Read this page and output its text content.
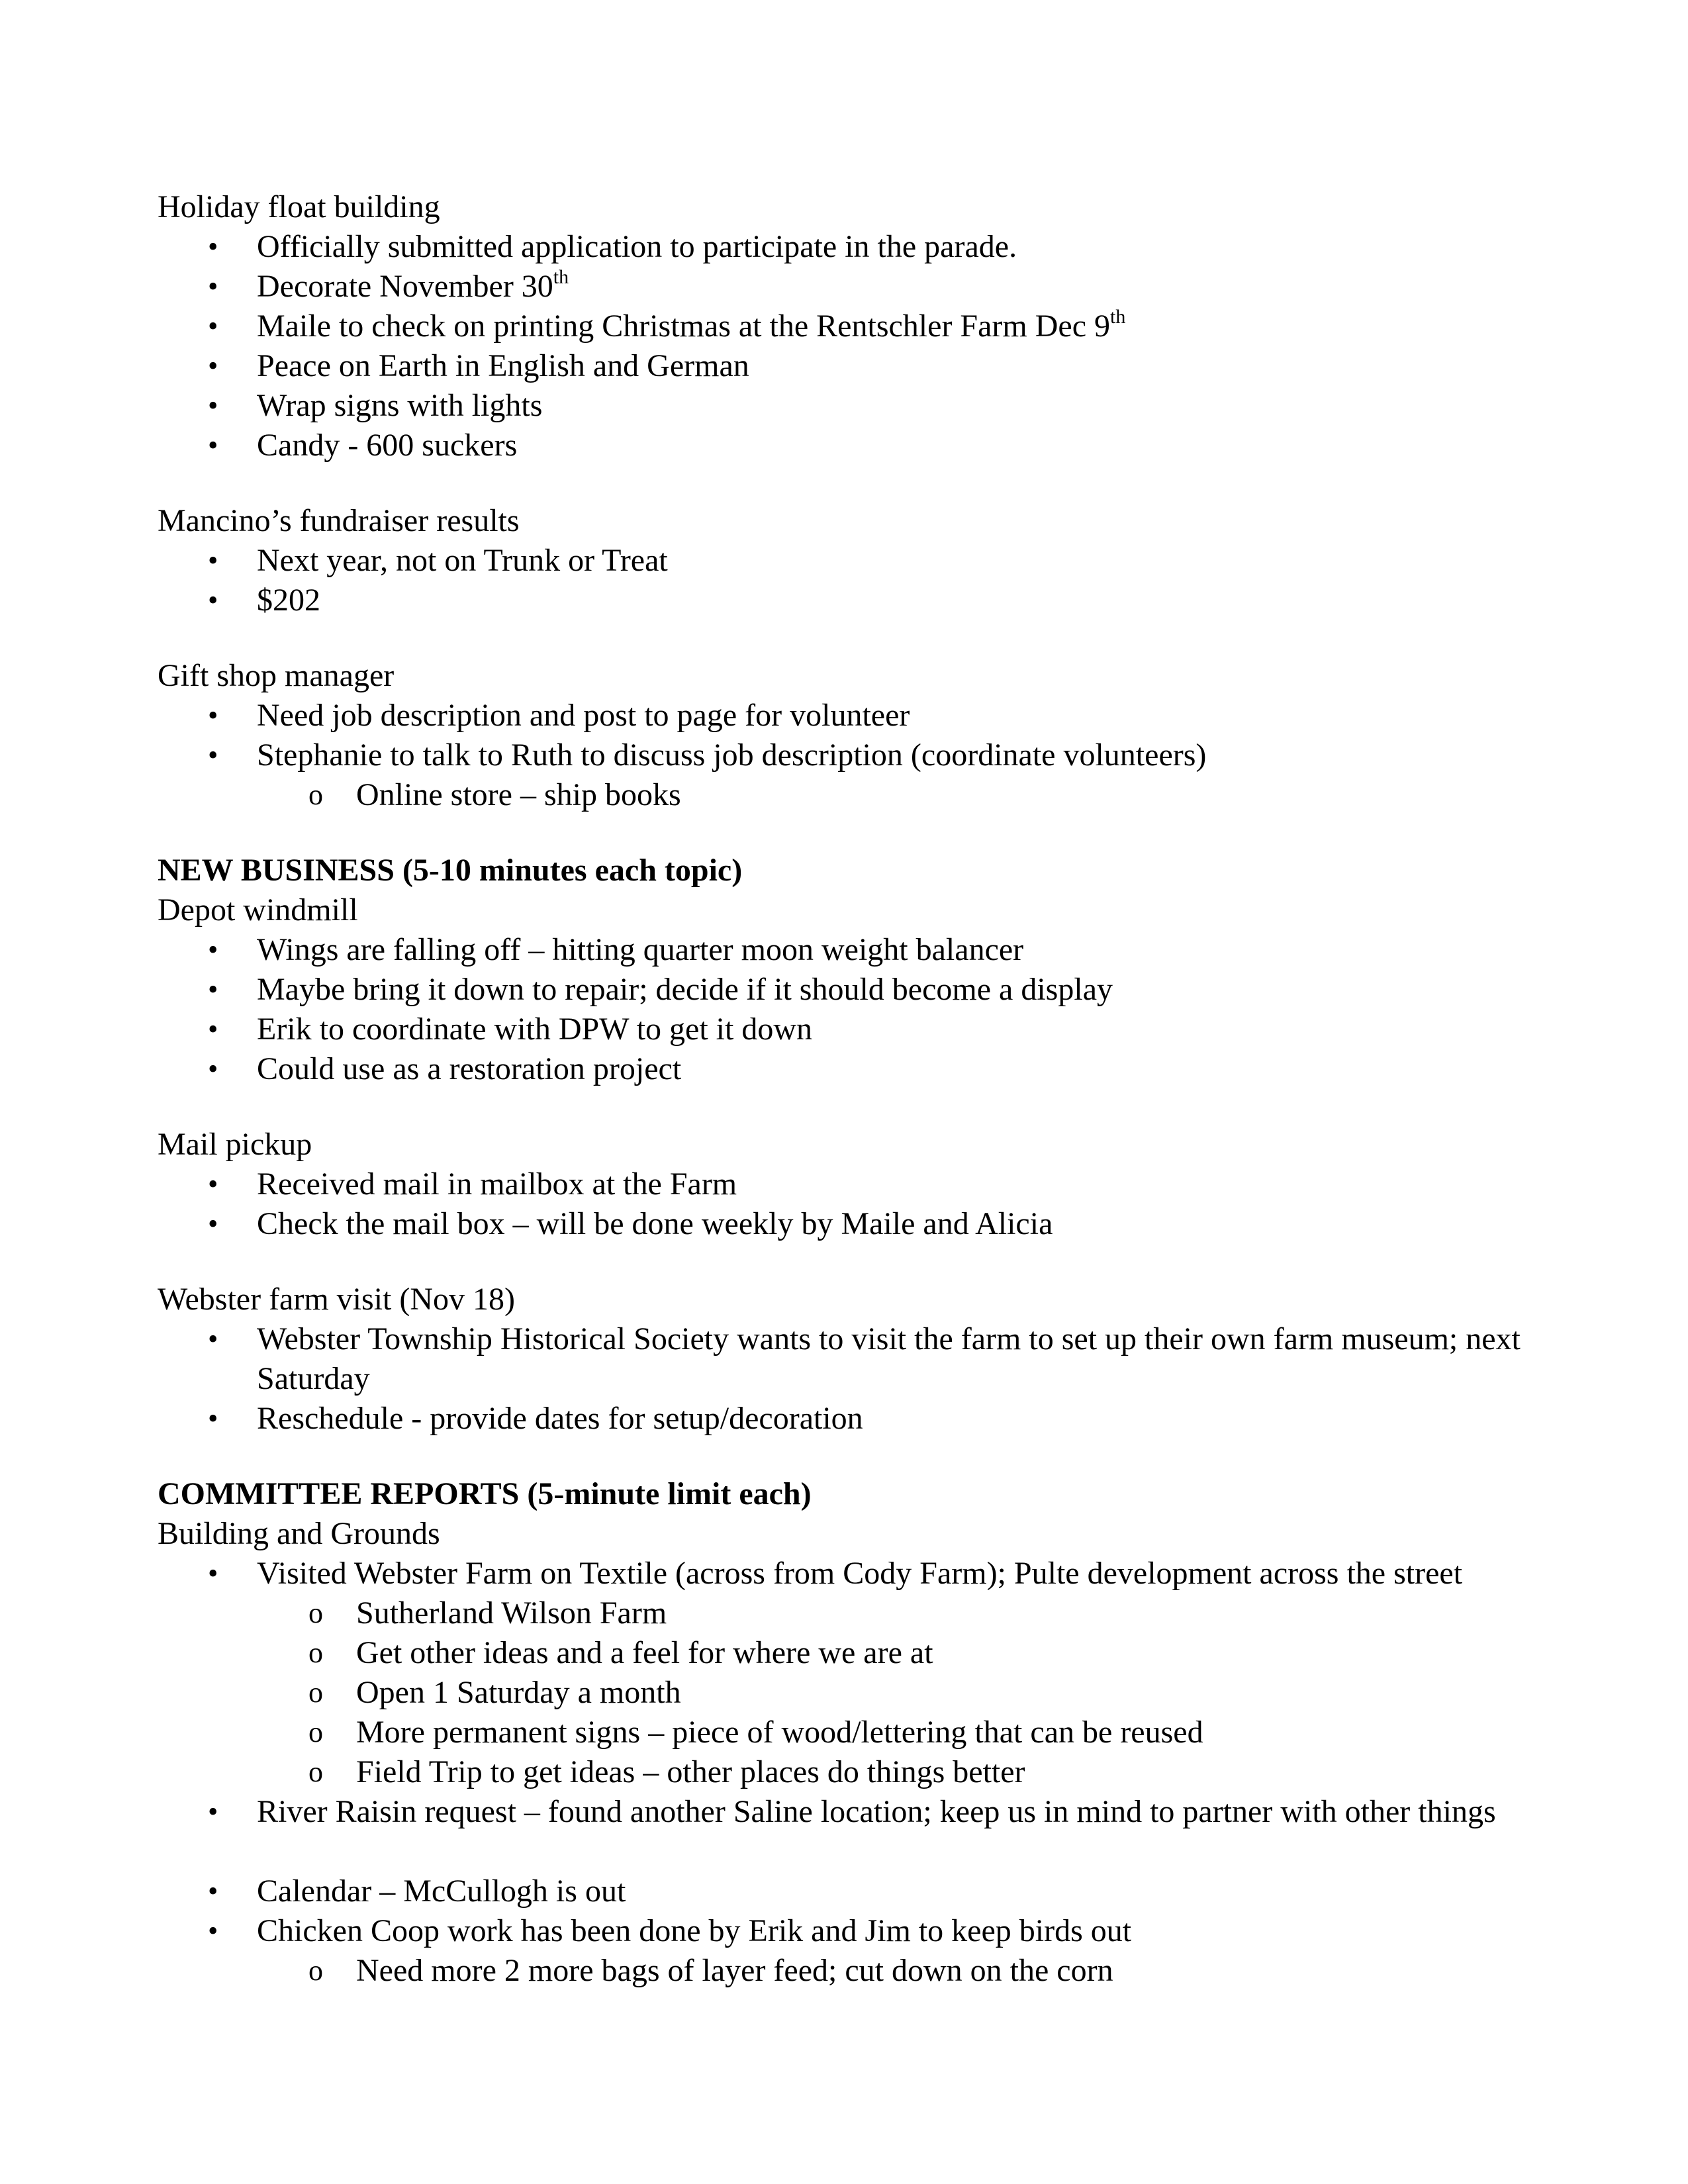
Holiday float building
• Officially submitted application to participate in the parade.
• Decorate November 30th
• Maile to check on printing Christmas at the Rentschler Farm Dec 9th
• Peace on Earth in English and German
• Wrap signs with lights
• Candy - 600 suckers
Mancino’s fundraiser results
• Next year, not on Trunk or Treat
• $202
Gift shop manager
• Need job description and post to page for volunteer
• Stephanie to talk to Ruth to discuss job description (coordinate volunteers)
o Online store – ship books
NEW BUSINESS (5-10 minutes each topic)
Depot windmill
• Wings are falling off – hitting quarter moon weight balancer
• Maybe bring it down to repair; decide if it should become a display
• Erik to coordinate with DPW to get it down
• Could use as a restoration project
Mail pickup
• Received mail in mailbox at the Farm
• Check the mail box – will be done weekly by Maile and Alicia
Webster farm visit (Nov 18)
• Webster Township Historical Society wants to visit the farm to set up their own farm museum; next Saturday
• Reschedule - provide dates for setup/decoration
COMMITTEE REPORTS (5-minute limit each)
Building and Grounds
• Visited Webster Farm on Textile (across from Cody Farm); Pulte development across the street
o Sutherland Wilson Farm
o Get other ideas and a feel for where we are at
o Open 1 Saturday a month
o More permanent signs – piece of wood/lettering that can be reused
o Field Trip to get ideas – other places do things better
• River Raisin request – found another Saline location; keep us in mind to partner with other things
• Calendar – McCullogh is out
• Chicken Coop work has been done by Erik and Jim to keep birds out
o Need more 2 more bags of layer feed; cut down on the corn
